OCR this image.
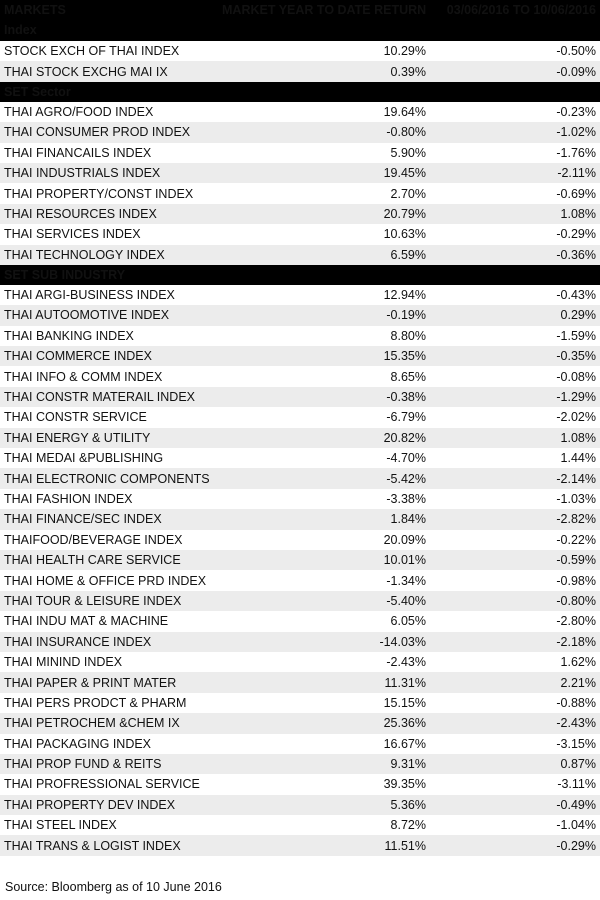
MARKETS	MARKET YEAR TO DATE RETURN	03/06/2016 TO 10/06/2016
Index		
STOCK EXCH OF THAI INDEX	10.29%	-0.50%
THAI STOCK EXCHG MAI IX	0.39%	-0.09%
SET Sector		
THAI AGRO/FOOD INDEX	19.64%	-0.23%
THAI CONSUMER PROD INDEX	-0.80%	-1.02%
THAI FINANCAILS INDEX	5.90%	-1.76%
THAI INDUSTRIALS INDEX	19.45%	-2.11%
THAI PROPERTY/CONST INDEX	2.70%	-0.69%
THAI RESOURCES INDEX	20.79%	1.08%
THAI SERVICES INDEX	10.63%	-0.29%
THAI TECHNOLOGY INDEX	6.59%	-0.36%
SET SUB INDUSTRY		
THAI ARGI-BUSINESS INDEX	12.94%	-0.43%
THAI AUTOOMOTIVE INDEX	-0.19%	0.29%
THAI BANKING INDEX	8.80%	-1.59%
THAI COMMERCE INDEX	15.35%	-0.35%
THAI INFO & COMM INDEX	8.65%	-0.08%
THAI CONSTR MATERAIL INDEX	-0.38%	-1.29%
THAI CONSTR SERVICE	-6.79%	-2.02%
THAI ENERGY & UTILITY	20.82%	1.08%
THAI MEDAI &PUBLISHING	-4.70%	1.44%
THAI ELECTRONIC COMPONENTS	-5.42%	-2.14%
THAI FASHION INDEX	-3.38%	-1.03%
THAI FINANCE/SEC INDEX	1.84%	-2.82%
THAIFOOD/BEVERAGE INDEX	20.09%	-0.22%
THAI HEALTH CARE SERVICE	10.01%	-0.59%
THAI HOME & OFFICE PRD INDEX	-1.34%	-0.98%
THAI TOUR & LEISURE INDEX	-5.40%	-0.80%
THAI INDU MAT & MACHINE	6.05%	-2.80%
THAI INSURANCE INDEX	-14.03%	-2.18%
THAI MININD INDEX	-2.43%	1.62%
THAI PAPER & PRINT MATER	11.31%	2.21%
THAI PERS PRODCT & PHARM	15.15%	-0.88%
THAI PETROCHEM &CHEM IX	25.36%	-2.43%
THAI PACKAGING INDEX	16.67%	-3.15%
THAI PROP FUND & REITS	9.31%	0.87%
THAI PROFRESSIONAL SERVICE	39.35%	-3.11%
THAI PROPERTY DEV INDEX	5.36%	-0.49%
THAI STEEL INDEX	8.72%	-1.04%
THAI TRANS & LOGIST INDEX	11.51%	-0.29%
Source: Bloomberg as of 10 June 2016
